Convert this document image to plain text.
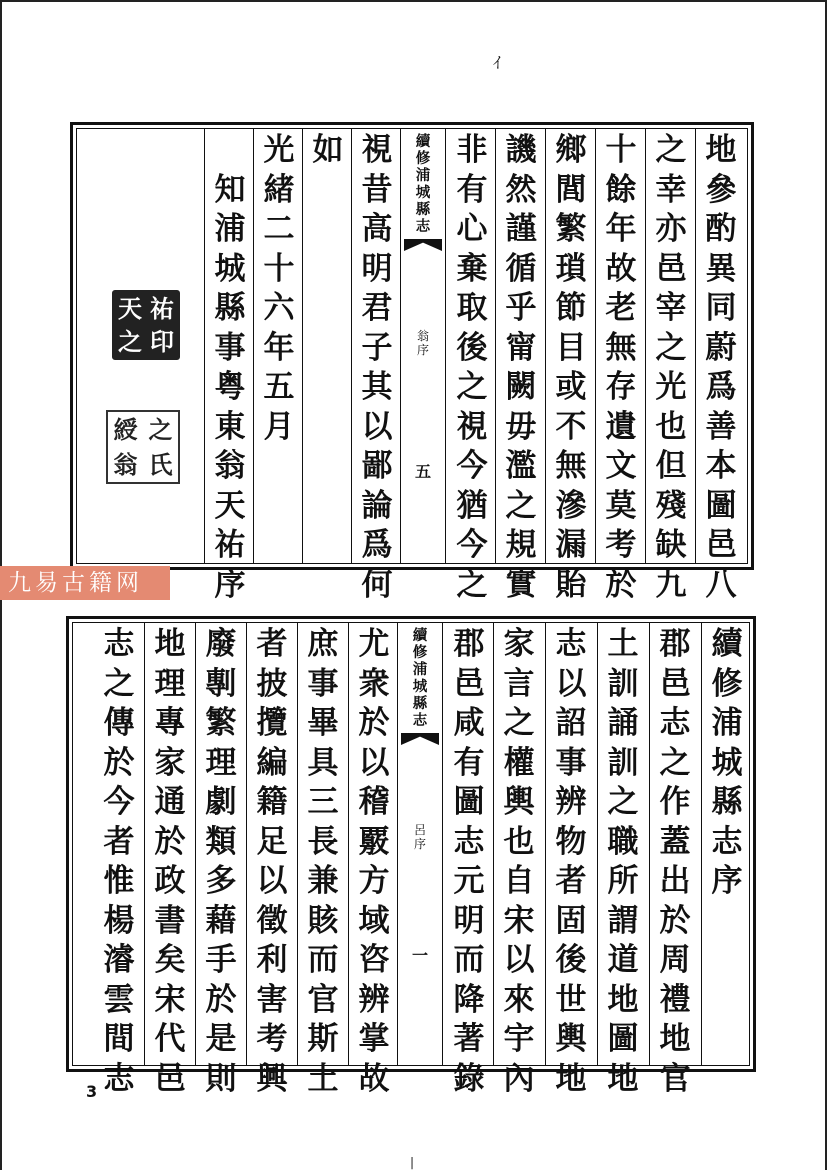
ｲ
地
參
酌
異
同
蔚
爲
善
本
圖
邑
八
之
幸
亦
邑
宰
之
光
也
但
殘
缺
九
十
餘
年
故
老
無
存
遺
文
莫
考
於
鄉
閭
繁
瑣
節
目
或
不
無
滲
漏
貽
譏
然
謹
循
乎
甯
闕
毋
濫
之
規
實
續
修
浦
城
縣
志
翁
序
五
非
有
心
棄
取
後
之
視
今
猶
今
之
視
昔
高
明
君
子
其
以
鄙
論
爲
何
如
光
緒
二
十
六
年
五
月

知
浦
城
縣
事
粤
東
翁
天
祐
序
天 祐
之 印
綬 之
翁 氏
九易古籍网
續
修
浦
城
縣
志
序
郡
邑
志
之
作
蓋
出
於
周
禮
地
官
土
訓
誦
訓
之
職
所
謂
道
地
圖
地
志
以
詔
事
辨
物
者
固
後
世
輿
地
家
言
之
權
輿
也
自
宋
以
來
宇
內
郡
邑
咸
有
圖
志
元
明
而
降
著
錄
續
修
浦
城
縣
志
呂
序
一
尤
衆
於
以
稽
覈
方
域
咨
辨
掌
故
庶
事
畢
具
三
長
兼
賅
而
官
斯
土
者
披
攬
編
籍
足
以
徵
利
害
考
興
廢
剸
繁
理
劇
類
多
藉
手
於
是
則
地
理
專
家
通
於
政
書
矣
宋
代
邑
志
之
傳
於
今
者
惟
楊
濬
雲
間
志
3
|
